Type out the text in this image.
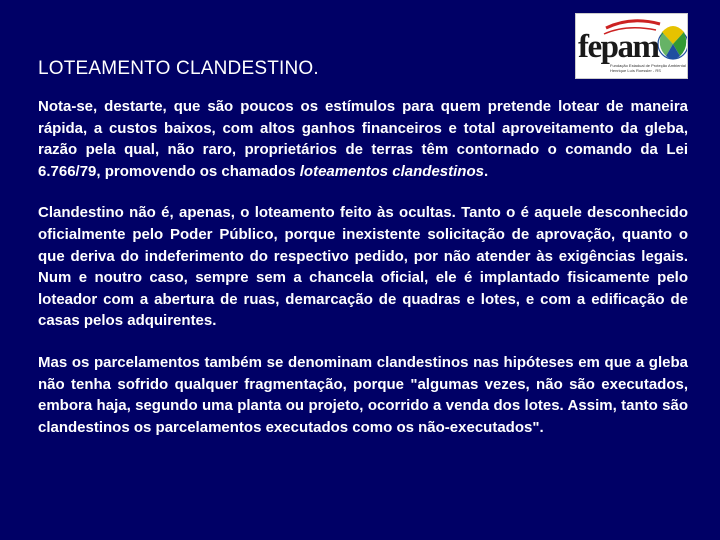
LOTEAMENTO CLANDESTINO.
fepam
Fundação Estadual de Proteção Ambiental
Henrique Luís Roessler - RS

Nota-se, destarte, que são poucos os estímulos para quem pretende lotear de maneira rápida, a custos baixos, com altos ganhos financeiros e total aproveitamento da gleba, razão pela qual, não raro, proprietários de terras têm contornado o comando da Lei 6.766/79, promovendo os chamados loteamentos clandestinos.

Clandestino não é, apenas, o loteamento feito às ocultas. Tanto o é aquele desconhecido oficialmente pelo Poder Público, porque inexistente solicitação de aprovação, quanto o que deriva do indeferimento do respectivo pedido, por não atender às exigências legais. Num e noutro caso, sempre sem a chancela oficial, ele é implantado fisicamente pelo loteador com a abertura de ruas, demarcação de quadras e lotes, e com a edificação de casas pelos adquirentes.

Mas os parcelamentos também se denominam clandestinos nas hipóteses em que a gleba não tenha sofrido qualquer fragmentação, porque "algumas vezes, não são executados, embora haja, segundo uma planta ou projeto, ocorrido a venda dos lotes. Assim, tanto são clandestinos os parcelamentos executados como os não-executados".
